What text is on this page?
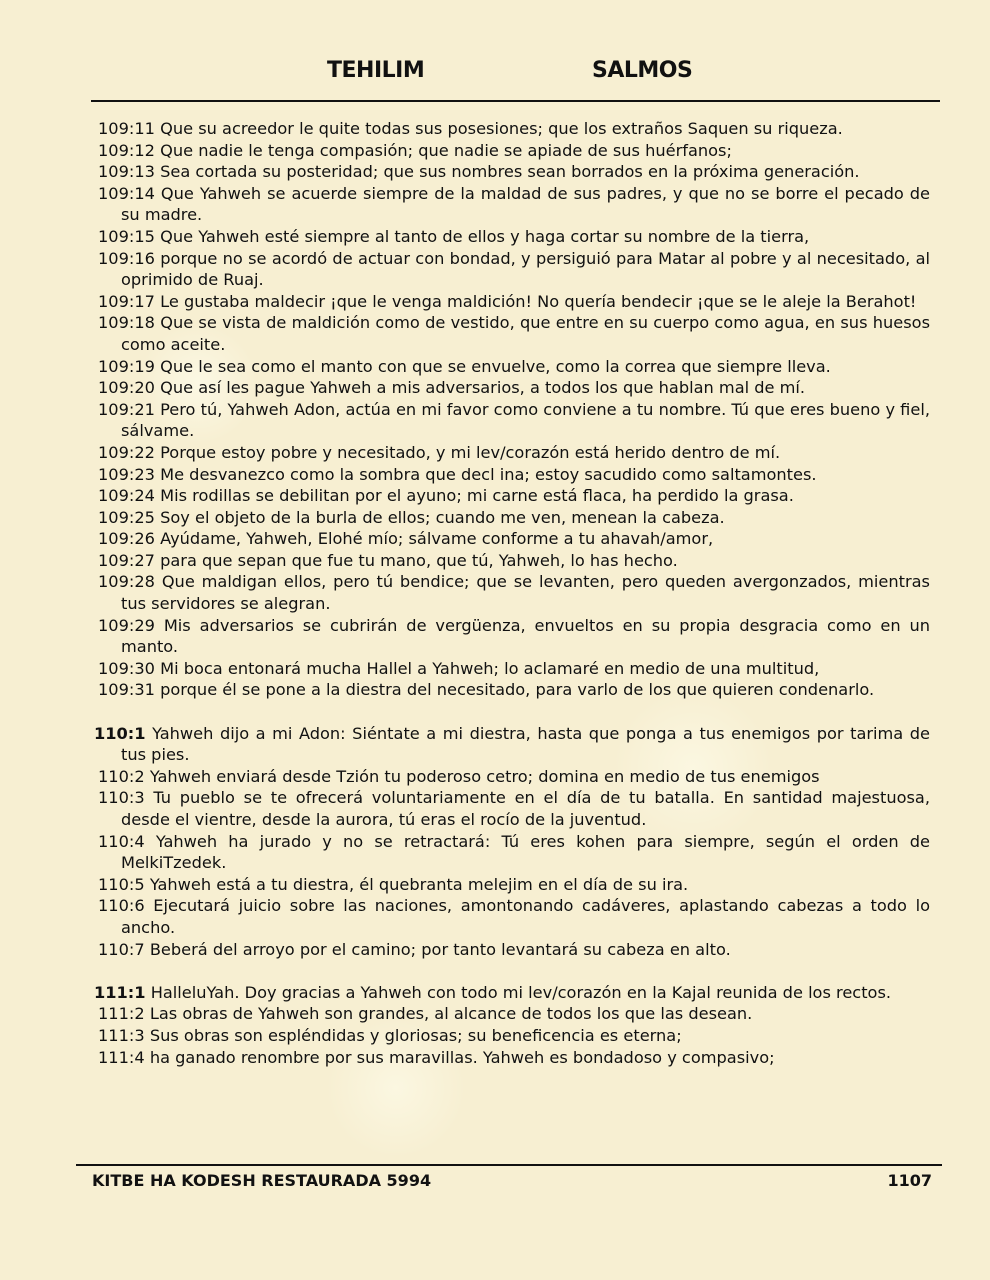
TEHILIM	SALMOS
109:11 Que su acreedor le quite todas sus posesiones; que los extraños Saquen su riqueza.
109:12 Que nadie le tenga compasión; que nadie se apiade de sus huérfanos;
109:13 Sea cortada su posteridad; que sus nombres sean borrados en la próxima generación.
109:14 Que Yahweh se acuerde siempre de la maldad de sus padres, y que no se borre el pecado de su madre.
109:15 Que Yahweh esté siempre al tanto de ellos y haga cortar su nombre de la tierra,
109:16 porque no se acordó de actuar con bondad, y persiguió para Matar al pobre y al necesitado, al oprimido de Ruaj.
109:17 Le gustaba maldecir ¡que le venga maldición! No quería bendecir ¡que se le aleje la Berahot!
109:18 Que se vista de maldición como de vestido, que entre en su cuerpo como agua, en sus huesos como aceite.
109:19 Que le sea como el manto con que se envuelve, como la correa que siempre lleva.
109:20 Que así les pague Yahweh a mis adversarios, a todos los que hablan mal de mí.
109:21 Pero tú, Yahweh Adon, actúa en mi favor como conviene a tu nombre. Tú que eres bueno y fiel, sálvame.
109:22 Porque estoy pobre y necesitado, y mi lev/corazón está herido dentro de mí.
109:23 Me desvanezco como la sombra que decl ina; estoy sacudido como saltamontes.
109:24 Mis rodillas se debilitan por el ayuno; mi carne está flaca, ha perdido la grasa.
109:25 Soy el objeto de la burla de ellos; cuando me ven, menean la cabeza.
109:26 Ayúdame, Yahweh, Elohé mío; sálvame conforme a tu ahavah/amor,
109:27 para que sepan que fue tu mano, que tú, Yahweh, lo has hecho.
109:28 Que maldigan ellos, pero tú bendice; que se levanten, pero queden avergonzados, mientras tus servidores se alegran.
109:29 Mis adversarios se cubrirán de vergüenza, envueltos en su propia desgracia como en un manto.
109:30 Mi boca entonará mucha Hallel a Yahweh; lo aclamaré en medio de una multitud,
109:31 porque él se pone a la diestra del necesitado, para varlo de los que quieren condenarlo.
110:1 Yahweh dijo a mi Adon: Siéntate a mi diestra, hasta que ponga a tus enemigos por tarima de tus pies.
110:2 Yahweh enviará desde Tzión tu poderoso cetro; domina en medio de tus enemigos
110:3 Tu pueblo se te ofrecerá voluntariamente en el día de tu batalla. En santidad majestuosa, desde el vientre, desde la aurora, tú eras el rocío de la juventud.
110:4 Yahweh ha jurado y no se retractará: Tú eres kohen para siempre, según el orden de MelkiTzedek.
110:5 Yahweh está a tu diestra, él quebranta melejim en el día de su ira.
110:6 Ejecutará juicio sobre las naciones, amontonando cadáveres, aplastando cabezas a todo lo ancho.
110:7 Beberá del arroyo por el camino; por tanto levantará su cabeza en alto.
111:1 HalleluYah. Doy gracias a Yahweh con todo mi lev/corazón en la Kajal reunida de los rectos.
111:2 Las obras de Yahweh son grandes, al alcance de todos los que las desean.
111:3 Sus obras son espléndidas y gloriosas; su beneficencia es eterna;
111:4 ha ganado renombre por sus maravillas. Yahweh es bondadoso y compasivo;
KITBE HA KODESH RESTAURADA 5994	1107
